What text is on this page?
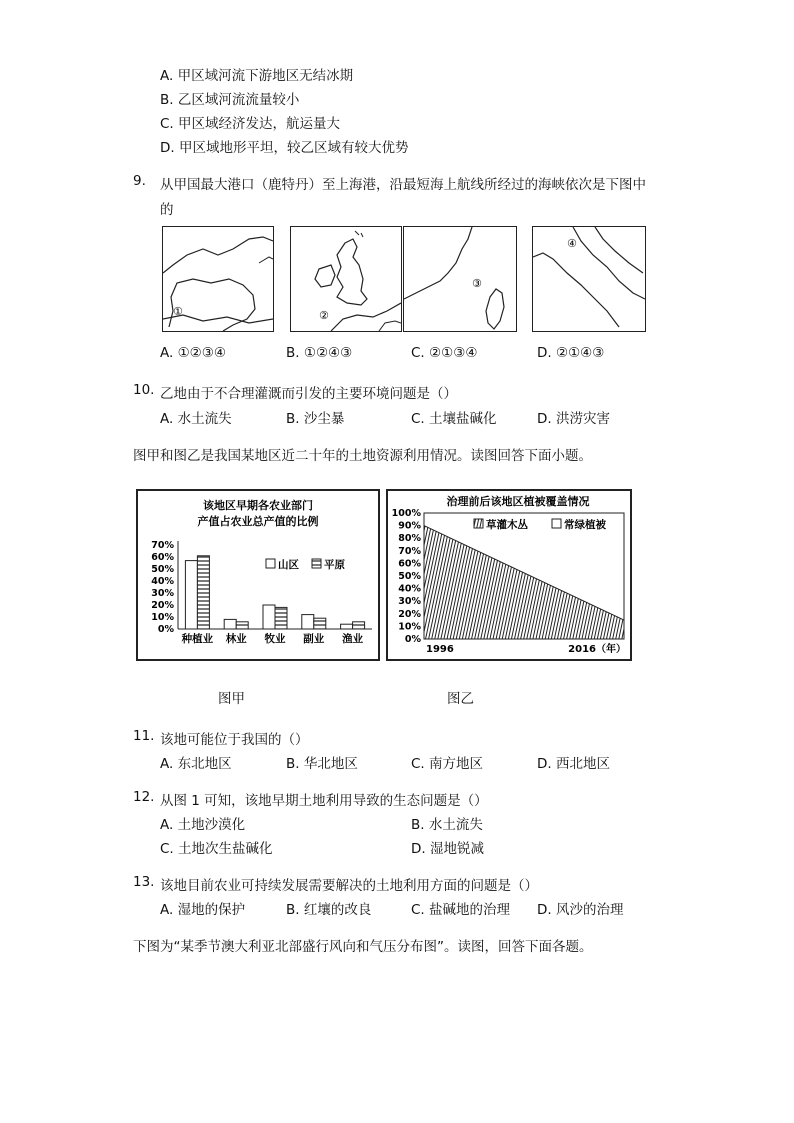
A. 甲区域河流下游地区无结冰期
B. 乙区域河流流量较小
C. 甲区域经济发达，航运量大
D. 甲区域地形平坦，较乙区域有较大优势
9. 从甲国最大港口（鹿特丹）至上海港，沿最短海上航线所经过的海峡依次是下图中
的
①	②
③
④
A. ①②③④	B. ①②④③	C. ②①③④	D. ②①④③
10. 乙地由于不合理灌溉而引发的主要环境问题是（）
A. 水土流失	B. 沙尘暴	C. 土壤盐碱化	D. 洪涝灾害
图甲和图乙是我国某地区近二十年的土地资源利用情况。读图回答下面小题。
该地区早期各农业部门
产值占农业总产值的比例
70%
60%
50%
40%
30%
20%
10%
0%
种植业 林业 牧业 副业 渔业
山区 平原
治理前后该地区植被覆盖情况
100%
90%
80%
70%
60%
50%
40%
30%
20%
10%
0%
草灌木丛	常绿植被
1996	2016（年）
图甲	图乙
11. 该地可能位于我国的（）
A. 东北地区	B. 华北地区	C. 南方地区	D. 西北地区
12. 从图 1 可知，该地早期土地利用导致的生态问题是（）
A. 土地沙漠化	B. 水土流失
C. 土地次生盐碱化	D. 湿地锐减
13. 该地目前农业可持续发展需要解决的土地利用方面的问题是（）
A. 湿地的保护	B. 红壤的改良	C. 盐碱地的治理 D. 风沙的治理
下图为“某季节澳大利亚北部盛行风向和气压分布图”。读图，回答下面各题。
